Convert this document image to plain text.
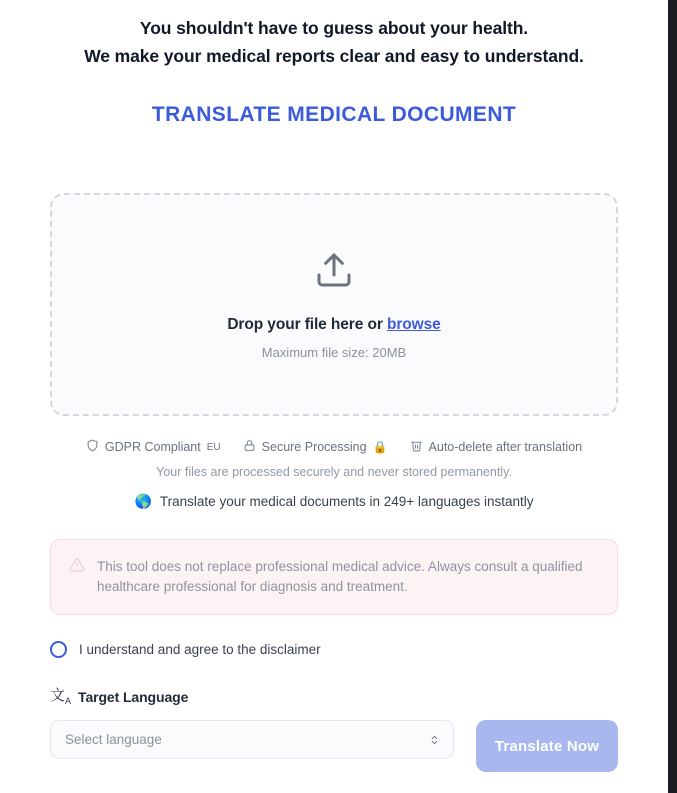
You shouldn't have to guess about your health.
We make your medical reports clear and easy to understand.
TRANSLATE MEDICAL DOCUMENT
Drop your file here or browse
Maximum file size: 20MB
GDPR Compliant EU	Secure Processing 🔒	Auto-delete after translation
Your files are processed securely and never stored permanently.
🌎 Translate your medical documents in 249+ languages instantly
This tool does not replace professional medical advice. Always consult a qualified healthcare professional for diagnosis and treatment.
I understand and agree to the disclaimer
文$_A$ Target Language
Select language	Translate Now
